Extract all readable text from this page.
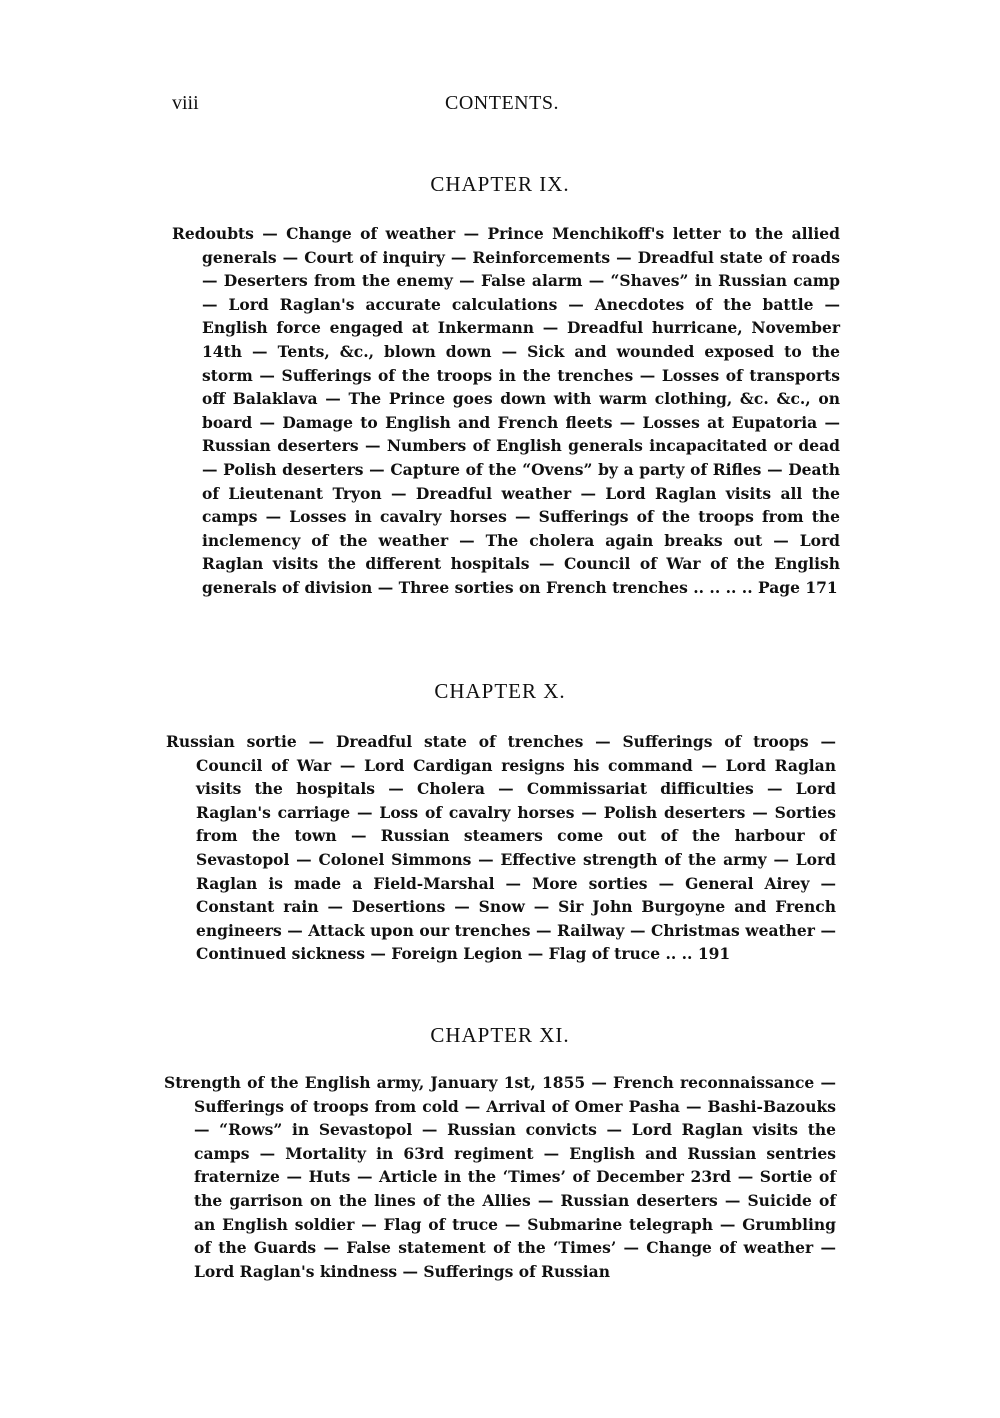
viii	CONTENTS.
CHAPTER IX.

Redoubts — Change of weather — Prince Menchikoff's letter to the allied generals — Court of inquiry — Reinforcements — Dreadful state of roads — Deserters from the enemy — False alarm — “Shaves” in Russian camp — Lord Raglan's accurate calculations — Anecdotes of the battle — English force engaged at Inkermann — Dreadful hurricane, November 14th — Tents, &c., blown down — Sick and wounded exposed to the storm — Sufferings of the troops in the trenches — Losses of transports off Balaklava — The Prince goes down with warm clothing, &c. &c., on board — Damage to English and French fleets — Losses at Eupatoria — Russian deserters — Numbers of English generals incapacitated or dead — Polish deserters — Capture of the “Ovens” by a party of Rifles — Death of Lieutenant Tryon — Dreadful weather — Lord Raglan visits all the camps — Losses in cavalry horses — Sufferings of the troops from the inclemency of the weather — The cholera again breaks out — Lord Raglan visits the different hospitals — Council of War of the English generals of division — Three sorties on French trenches .. .. .. .. Page 171

CHAPTER X.

Russian sortie — Dreadful state of trenches — Sufferings of troops — Council of War — Lord Cardigan resigns his command — Lord Raglan visits the hospitals — Cholera — Commissariat difficulties — Lord Raglan's carriage — Loss of cavalry horses — Polish deserters — Sorties from the town — Russian steamers come out of the harbour of Sevastopol — Colonel Simmons — Effective strength of the army — Lord Raglan is made a Field-Marshal — More sorties — General Airey — Constant rain — Desertions — Snow — Sir John Burgoyne and French engineers — Attack upon our trenches — Railway — Christmas weather — Continued sickness — Foreign Legion — Flag of truce .. .. 191

CHAPTER XI.

Strength of the English army, January 1st, 1855 — French reconnaissance — Sufferings of troops from cold — Arrival of Omer Pasha — Bashi-Bazouks — “Rows” in Sevastopol — Russian convicts — Lord Raglan visits the camps — Mortality in 63rd regiment — English and Russian sentries fraternize — Huts — Article in the ‘Times’ of December 23rd — Sortie of the garrison on the lines of the Allies — Russian deserters — Suicide of an English soldier — Flag of truce — Submarine telegraph — Grumbling of the Guards — False statement of the ‘Times’ — Change of weather — Lord Raglan's kindness — Sufferings of Russian
